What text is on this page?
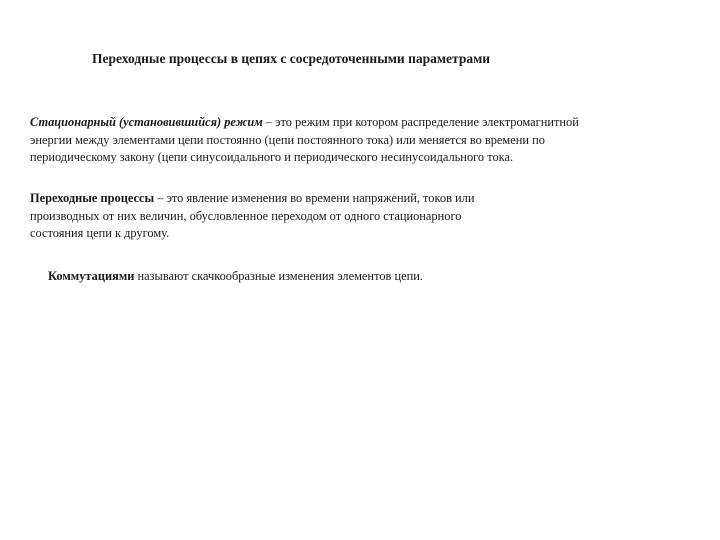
Переходные процессы в цепях с сосредоточенными параметрами
Стационарный (установившийся) режим – это режим при котором распределение электромагнитной
энергии между элементами цепи постоянно (цепи постоянного тока) или меняется во времени по
периодическому закону (цепи синусоидального и периодического несинусоидального тока.
Переходные процессы – это явление изменения во времени напряжений, токов или
производных от них величин, обусловленное переходом от одного стационарного
состояния цепи к другому.
Коммутациями называют скачкообразные изменения элементов цепи.
